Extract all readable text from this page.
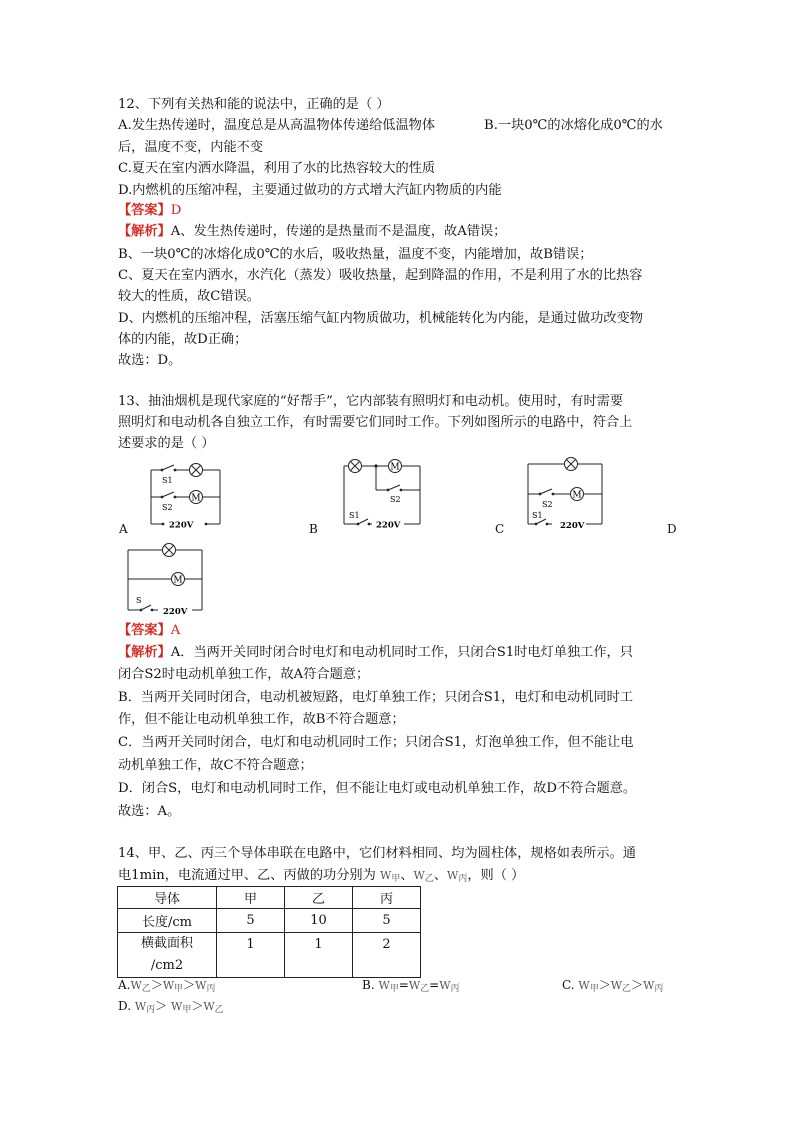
12、下列有关热和能的说法中，正确的是（ ）
A.发生热传递时，温度总是从高温物体传递给低温物体	B.一块0℃的冰熔化成0℃的水
后，温度不变，内能不变
C.夏天在室内洒水降温，利用了水的比热容较大的性质
D.内燃机的压缩冲程，主要通过做功的方式增大汽缸内物质的内能
【答案】D
【解析】A、发生热传递时，传递的是热量而不是温度，故A错误；
B、一块0℃的冰熔化成0℃的水后，吸收热量，温度不变，内能增加，故B错误；
C、夏天在室内洒水，水汽化（蒸发）吸收热量，起到降温的作用，不是利用了水的比热容
较大的性质，故C错误。
D、内燃机的压缩冲程，活塞压缩气缸内物质做功，机械能转化为内能，是通过做功改变物
体的内能，故D正确；
故选：D。
13、抽油烟机是现代家庭的“好帮手”，它内部装有照明灯和电动机。使用时，有时需要
照明灯和电动机各自独立工作，有时需要它们同时工作。下列如图所示的电路中，符合上
述要求的是（ ）
M
S1
S2
220V
A
M
S2
S1
220V
B
M
S2
S1
220V
C	D
M
S
220V
【答案】A
【解析】A．当两开关同时闭合时电灯和电动机同时工作，只闭合S1时电灯单独工作，只
闭合S2时电动机单独工作，故A符合题意；
B．当两开关同时闭合，电动机被短路，电灯单独工作；只闭合S1，电灯和电动机同时工
作，但不能让电动机单独工作，故B不符合题意；
C．当两开关同时闭合，电灯和电动机同时工作；只闭合S1，灯泡单独工作，但不能让电
动机单独工作，故C不符合题意；
D．闭合S，电灯和电动机同时工作，但不能让电灯或电动机单独工作，故D不符合题意。
故选：A。
14、甲、乙、丙三个导体串联在电路中，它们材料相同、均为圆柱体，规格如表所示。通
电1min，电流通过甲、乙、丙做的功分别为 $W_甲$、$W_乙$、$W_丙$，则（ ）
导体	甲	乙	丙
长度/cm	5	10	5

横截面积
/cm2	1	1	2
$A.W_乙>W_甲>W_丙$	B. $W_甲=W_乙=W_丙$	C. $W_甲>W_乙>W_丙$
D. $W_丙> W_甲>W_乙$
